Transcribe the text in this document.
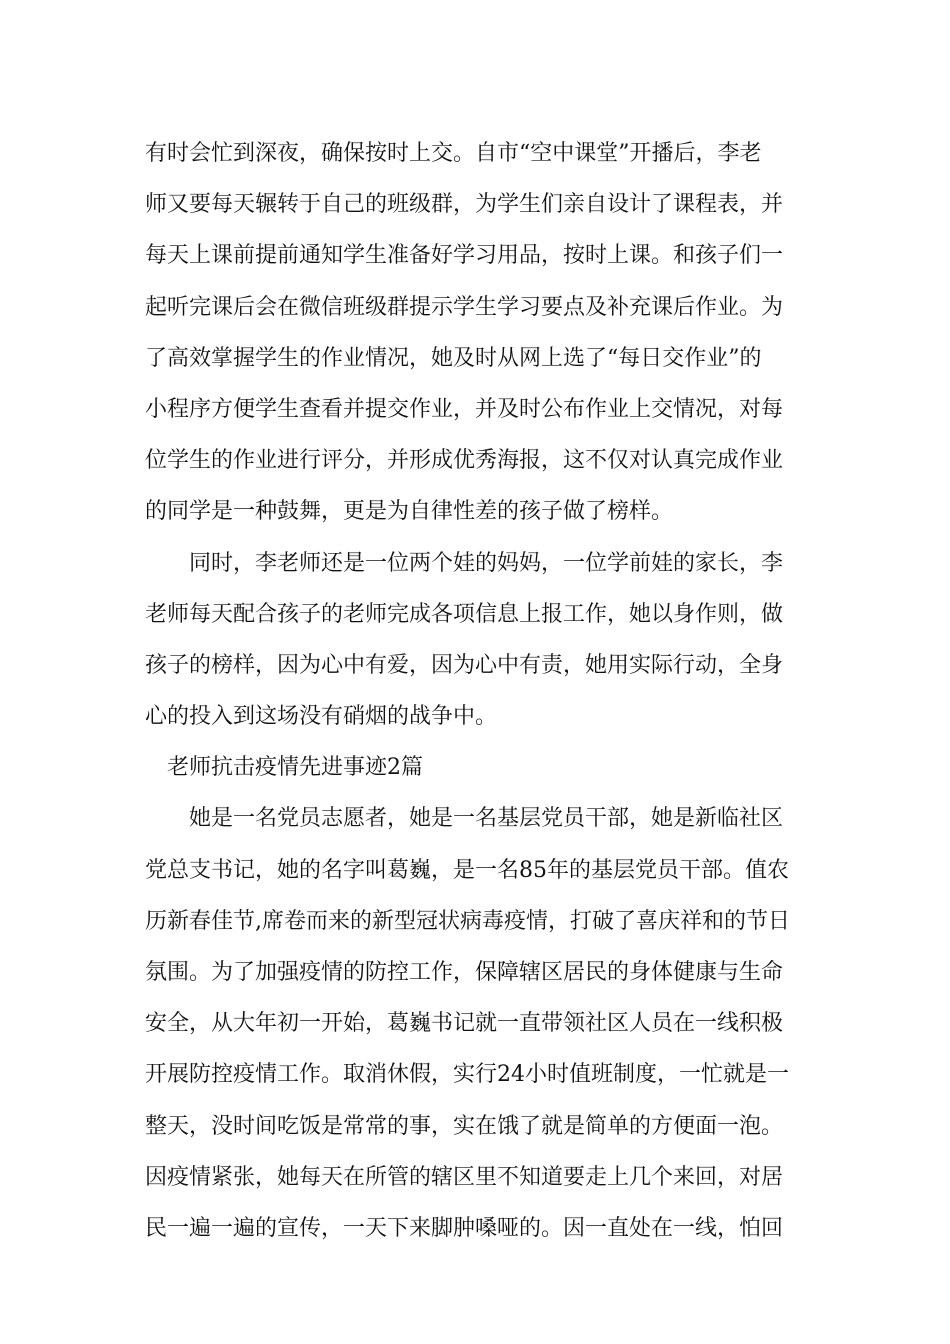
有时会忙到深夜，确保按时上交。自市“空中课堂”开播后，李老
师又要每天辗转于自己的班级群，为学生们亲自设计了课程表，并
每天上课前提前通知学生准备好学习用品，按时上课。和孩子们一
起听完课后会在微信班级群提示学生学习要点及补充课后作业。为
了高效掌握学生的作业情况，她及时从网上选了“每日交作业”的
小程序方便学生查看并提交作业，并及时公布作业上交情况，对每
位学生的作业进行评分，并形成优秀海报，这不仅对认真完成作业
的同学是一种鼓舞，更是为自律性差的孩子做了榜样。
同时，李老师还是一位两个娃的妈妈，一位学前娃的家长，李
老师每天配合孩子的老师完成各项信息上报工作，她以身作则，做
孩子的榜样，因为心中有爱，因为心中有责，她用实际行动，全身
心的投入到这场没有硝烟的战争中。
老师抗击疫情先进事迹2篇
她是一名党员志愿者，她是一名基层党员干部，她是新临社区
党总支书记，她的名字叫葛巍，是一名85年的基层党员干部。值农
历新春佳节,席卷而来的新型冠状病毒疫情，打破了喜庆祥和的节日
氛围。为了加强疫情的防控工作，保障辖区居民的身体健康与生命
安全，从大年初一开始，葛巍书记就一直带领社区人员在一线积极
开展防控疫情工作。取消休假，实行24小时值班制度，一忙就是一
整天，没时间吃饭是常常的事，实在饿了就是简单的方便面一泡。
因疫情紧张，她每天在所管的辖区里不知道要走上几个来回，对居
民一遍一遍的宣传，一天下来脚肿嗓哑的。因一直处在一线，怕回
